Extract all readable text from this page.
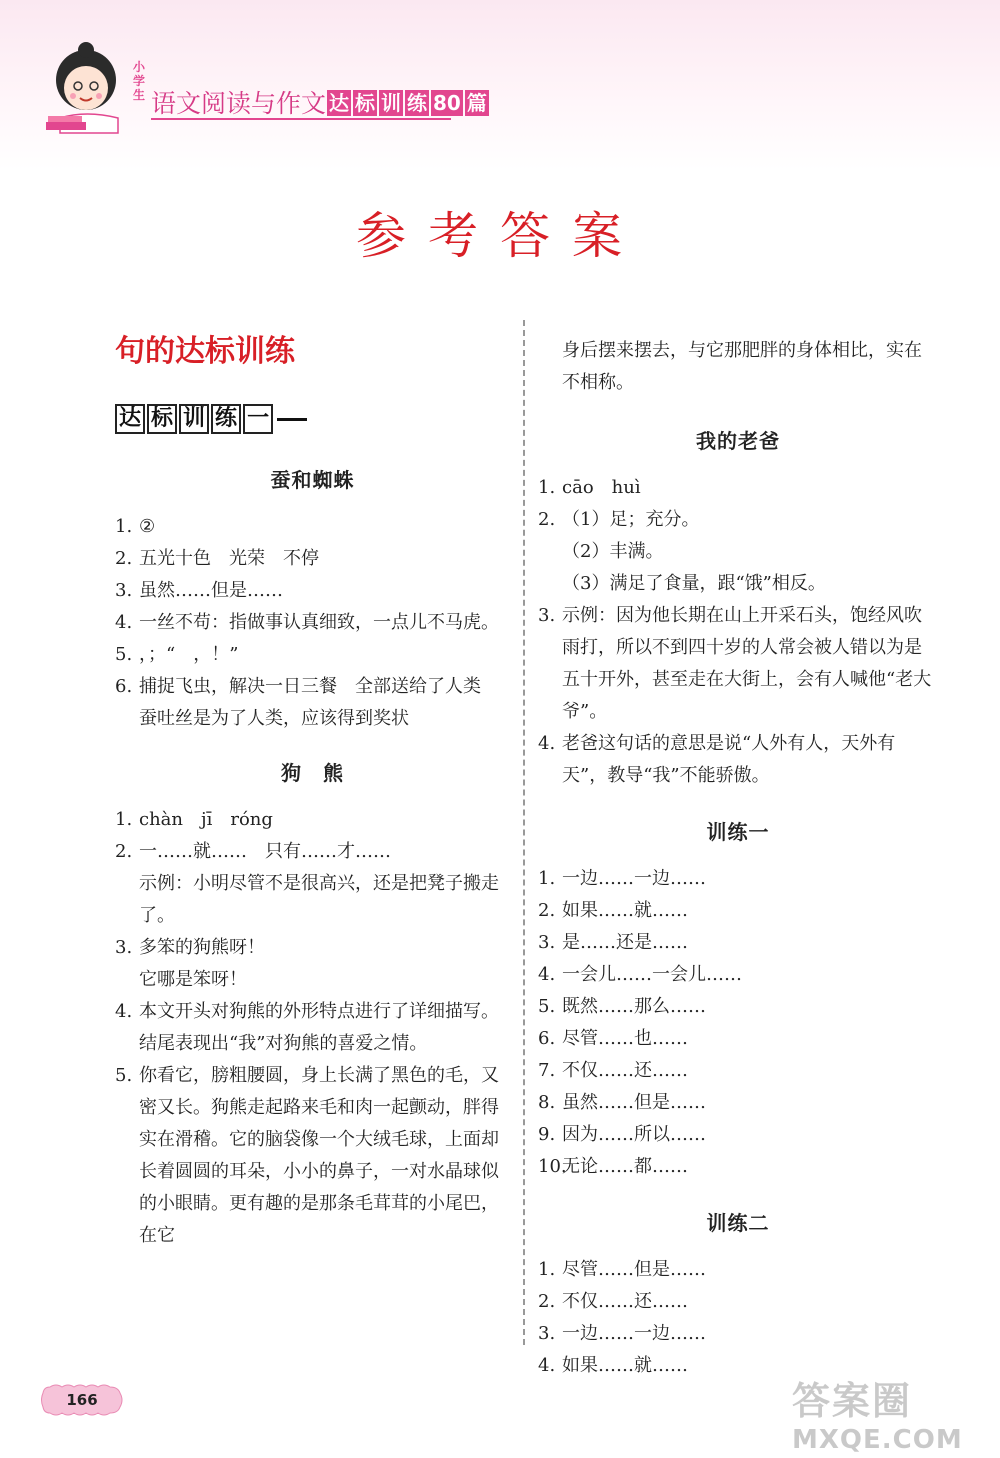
小学生 语文阅读与作文 达 标 训 练 80 篇
参考答案
句的达标训练
达 标 训 练 一
蚕和蜘蛛
1. ②
2. 五光十色　光荣　不停
3. 虽然……但是……
4. 一丝不苟：指做事认真细致，一点儿不马虎。
5. ，；“　，！”
6. 捕捉飞虫，解决一日三餐　全部送给了人类　蚕吐丝是为了人类，应该得到奖状
狗　熊
1. chàn　jī　róng
2. 一……就……　只有……才……
示例：小明尽管不是很高兴，还是把凳子搬走了。
3. 多笨的狗熊呀！
它哪是笨呀！
4. 本文开头对狗熊的外形特点进行了详细描写。结尾表现出“我”对狗熊的喜爱之情。
5. 你看它，膀粗腰圆，身上长满了黑色的毛，又密又长。狗熊走起路来毛和肉一起颤动，胖得实在滑稽。它的脑袋像一个大绒毛球，上面却长着圆圆的耳朵，小小的鼻子，一对水晶球似的小眼睛。更有趣的是那条毛茸茸的小尾巴，在它
身后摆来摆去，与它那肥胖的身体相比，实在不相称。
我的老爸
1. cāo　huì
2. （1）足；充分。
（2）丰满。
（3）满足了食量，跟“饿”相反。
3. 示例：因为他长期在山上开采石头，饱经风吹雨打，所以不到四十岁的人常会被人错以为是五十开外，甚至走在大街上，会有人喊他“老大爷”。
4. 老爸这句话的意思是说“人外有人，天外有天”，教导“我”不能骄傲。
训练一
1. 一边……一边……
2. 如果……就……
3. 是……还是……
4. 一会儿……一会儿……
5. 既然……那么……
6. 尽管……也……
7. 不仅……还……
8. 虽然……但是……
9. 因为……所以……
10.无论……都……
训练二
1. 尽管……但是……
2. 不仅……还……
3. 一边……一边……
4. 如果……就……
166	答案圈
MXQE.COM
